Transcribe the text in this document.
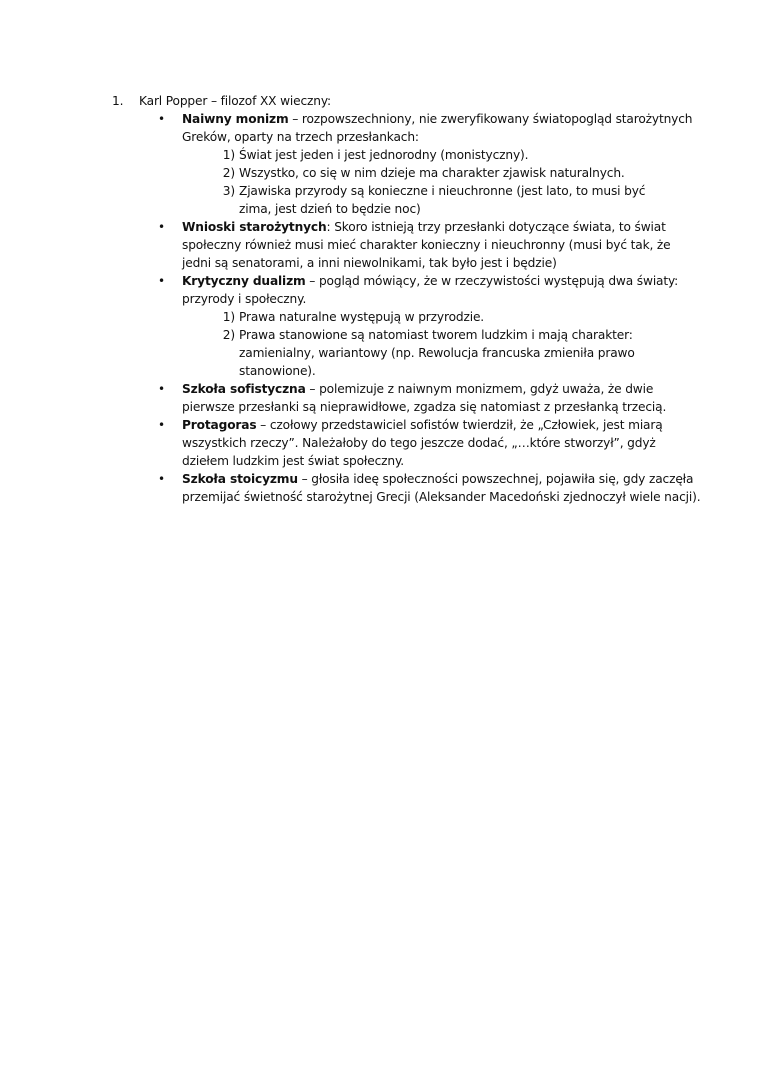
1. Karl Popper – filozof XX wieczny:
• Naiwny monizm – rozpowszechniony, nie zweryfikowany światopogląd starożytnych Greków, oparty na trzech przesłankach:
1) Świat jest jeden i jest jednorodny (monistyczny).
2) Wszystko, co się w nim dzieje ma charakter zjawisk naturalnych.
3) Zjawiska przyrody są konieczne i nieuchronne (jest lato, to musi być zima, jest dzień to będzie noc)
• Wnioski starożytnych: Skoro istnieją trzy przesłanki dotyczące świata, to świat społeczny również musi mieć charakter konieczny i nieuchronny (musi być tak, że jedni są senatorami, a inni niewolnikami, tak było jest i będzie)
• Krytyczny dualizm – pogląd mówiący, że w rzeczywistości występują dwa światy: przyrody i społeczny.
1) Prawa naturalne występują w przyrodzie.
2) Prawa stanowione są natomiast tworem ludzkim i mają charakter: zamienialny, wariantowy (np. Rewolucja francuska zmieniła prawo stanowione).
• Szkoła sofistyczna – polemizuje z naiwnym monizmem, gdyż uważa, że dwie pierwsze przesłanki są nieprawidłowe, zgadza się natomiast z przesłanką trzecią.
• Protagoras – czołowy przedstawiciel sofistów twierdził, że „Człowiek, jest miarą wszystkich rzeczy”. Należałoby do tego jeszcze dodać, „…które stworzył”, gdyż dziełem ludzkim jest świat społeczny.
• Szkoła stoicyzmu – głosiła ideę społeczności powszechnej, pojawiła się, gdy zaczęła przemijać świetność starożytnej Grecji (Aleksander Macedoński zjednoczył wiele nacji).
